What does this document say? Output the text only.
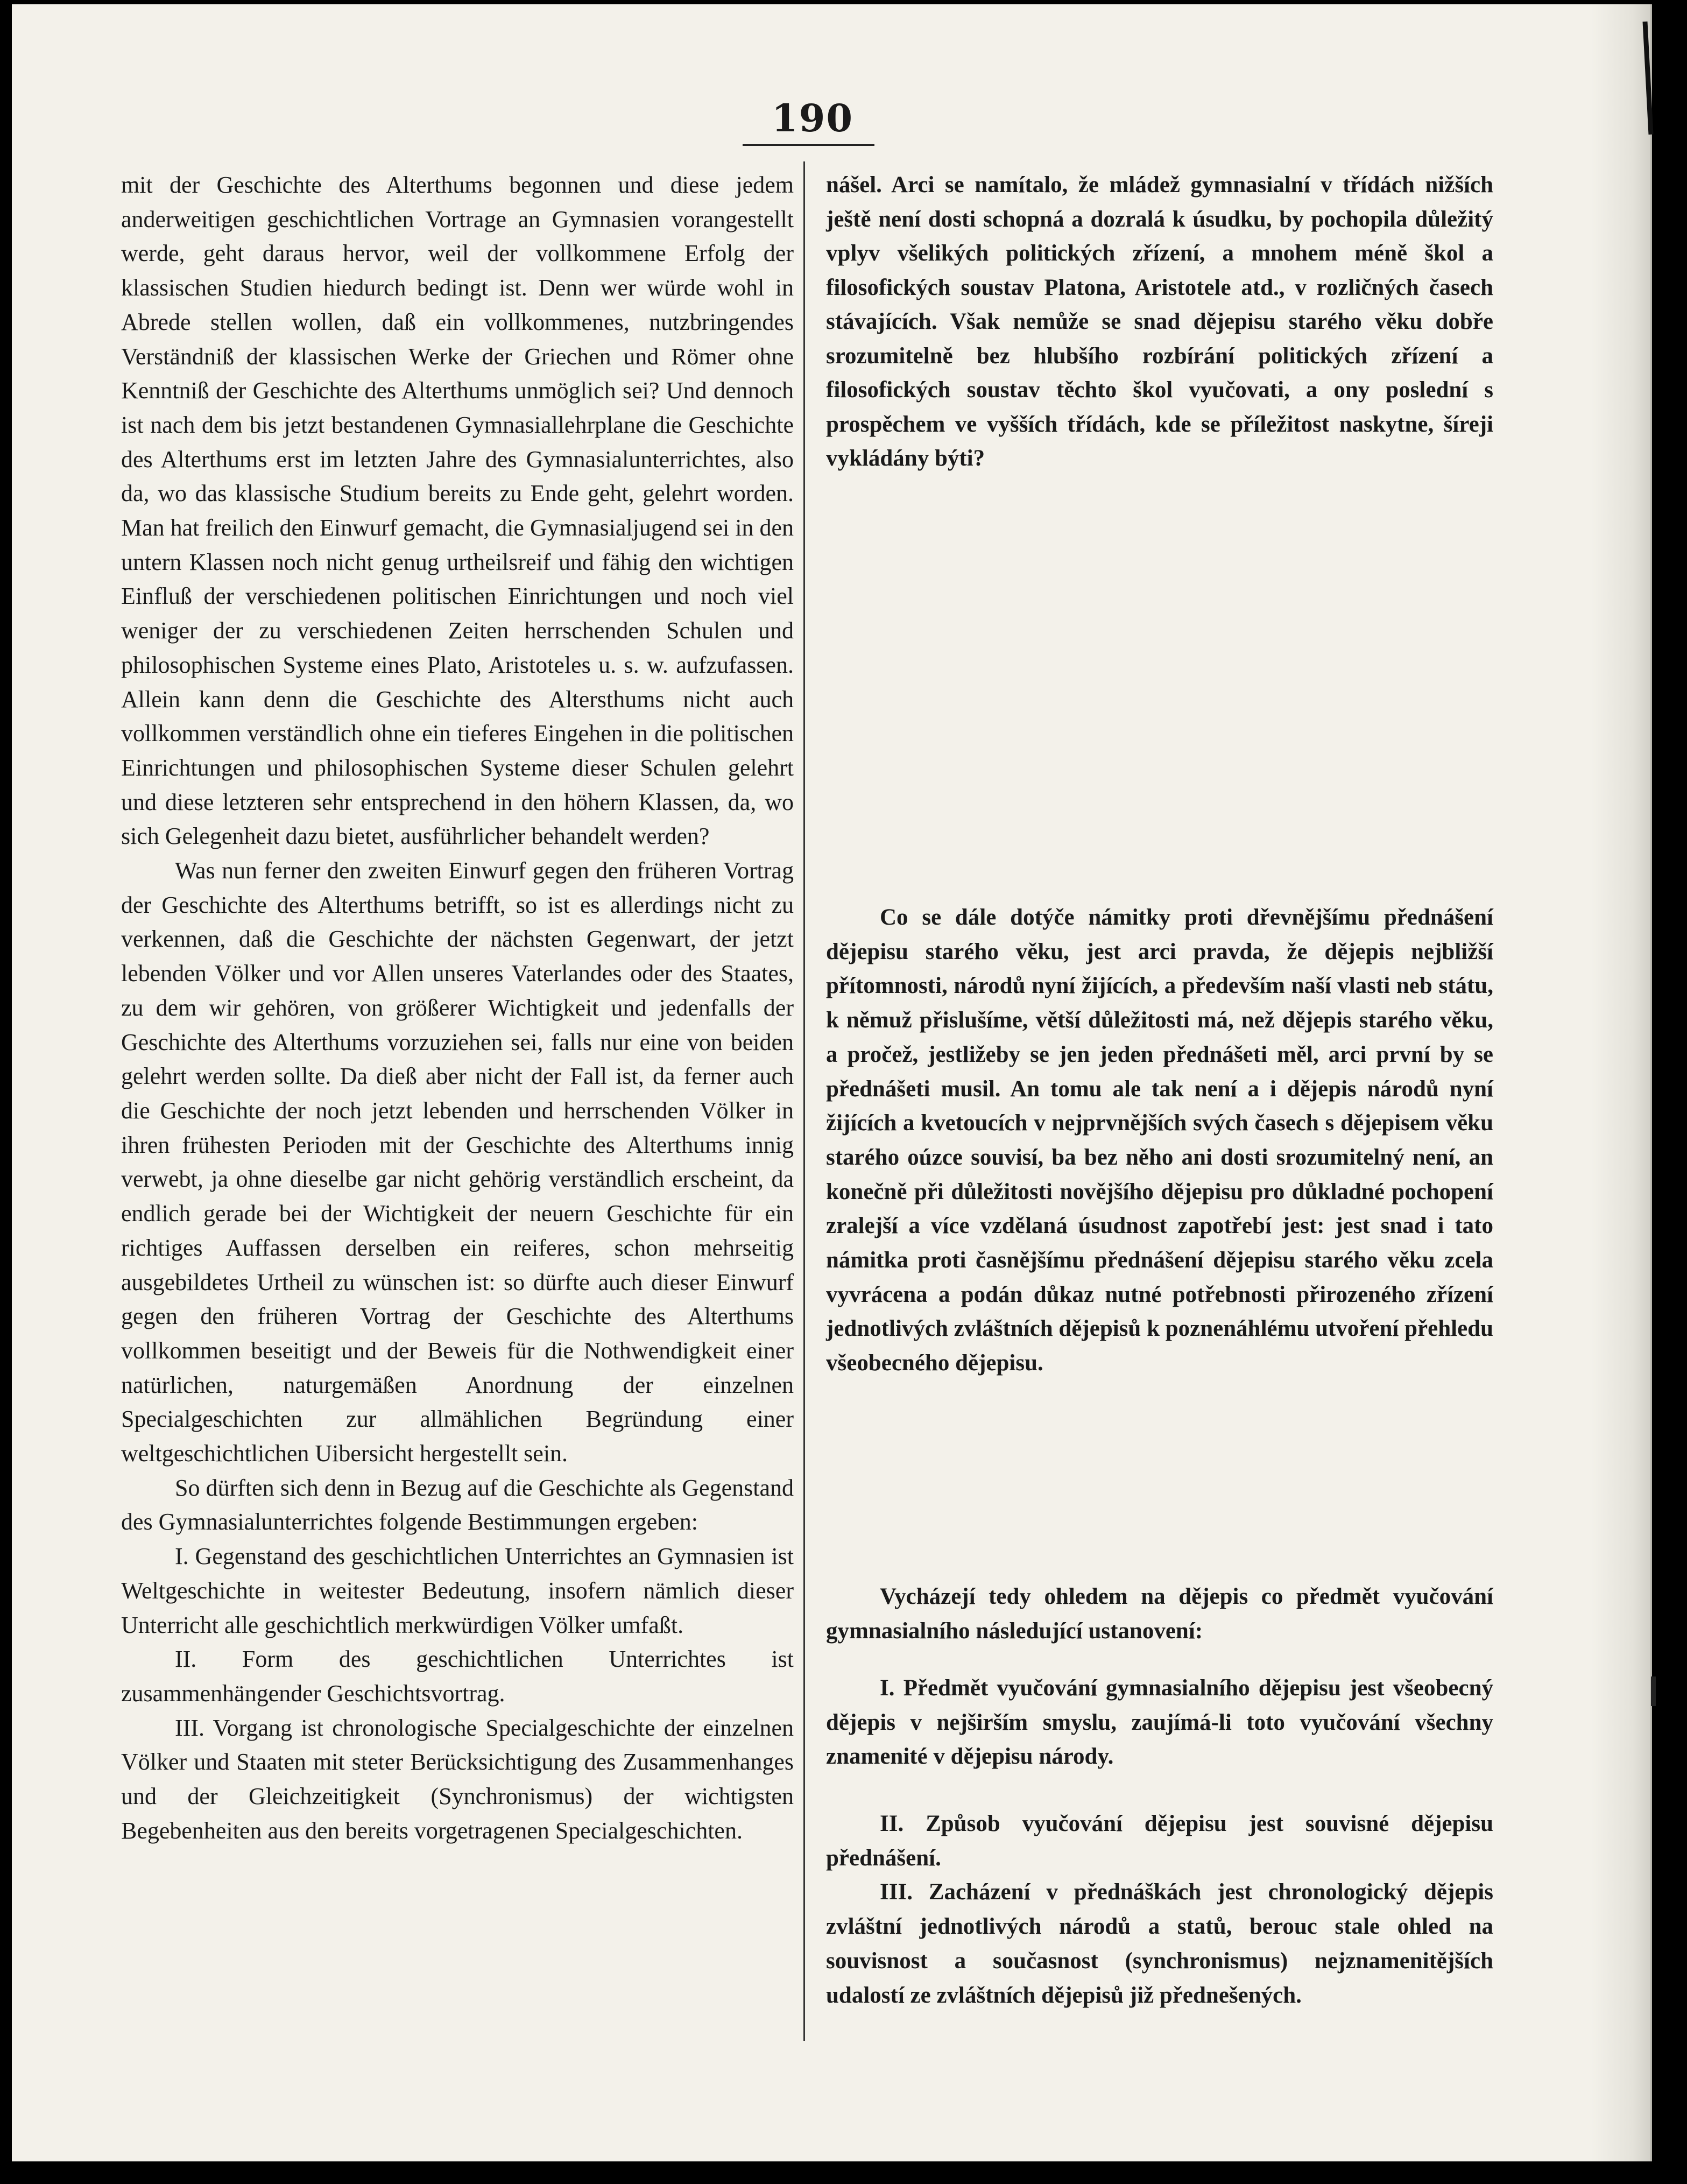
190

mit der Geschichte des Alterthums begonnen und diese jedem anderweitigen geschichtlichen Vortrage an Gymnasien vorangestellt werde, geht daraus hervor, weil der vollkommene Erfolg der klassischen Studien hiedurch bedingt ist. Denn wer würde wohl in Abrede stellen wollen, daß ein vollkommenes, nutzbringendes Verständniß der klassischen Werke der Griechen und Römer ohne Kenntniß der Geschichte des Alterthums unmöglich sei? Und dennoch ist nach dem bis jetzt bestandenen Gymnasiallehrplane die Geschichte des Alterthums erst im letzten Jahre des Gymnasialunterrichtes, also da, wo das klassische Studium bereits zu Ende geht, gelehrt worden. Man hat freilich den Einwurf gemacht, die Gymnasialjugend sei in den untern Klassen noch nicht genug urtheilsreif und fähig den wichtigen Einfluß der verschiedenen politischen Einrichtungen und noch viel weniger der zu verschiedenen Zeiten herrschenden Schulen und philosophischen Systeme eines Plato, Aristoteles u. s. w. aufzufassen. Allein kann denn die Geschichte des Altersthums nicht auch vollkommen verständlich ohne ein tieferes Eingehen in die politischen Einrichtungen und philosophischen Systeme dieser Schulen gelehrt und diese letzteren sehr entsprechend in den höhern Klassen, da, wo sich Gelegenheit dazu bietet, ausführlicher behandelt werden?

Was nun ferner den zweiten Einwurf gegen den früheren Vortrag der Geschichte des Alterthums betrifft, so ist es allerdings nicht zu verkennen, daß die Geschichte der nächsten Gegenwart, der jetzt lebenden Völker und vor Allen unseres Vaterlandes oder des Staates, zu dem wir gehören, von größerer Wichtigkeit und jedenfalls der Geschichte des Alterthums vorzuziehen sei, falls nur eine von beiden gelehrt werden sollte. Da dieß aber nicht der Fall ist, da ferner auch die Geschichte der noch jetzt lebenden und herrschenden Völker in ihren frühesten Perioden mit der Geschichte des Alterthums innig verwebt, ja ohne dieselbe gar nicht gehörig verständlich erscheint, da endlich gerade bei der Wichtigkeit der neuern Geschichte für ein richtiges Auffassen derselben ein reiferes, schon mehrseitig ausgebildetes Urtheil zu wünschen ist: so dürfte auch dieser Einwurf gegen den früheren Vortrag der Geschichte des Alterthums vollkommen beseitigt und der Beweis für die Nothwendigkeit einer natürlichen, naturgemäßen Anordnung der einzelnen Specialgeschichten zur allmählichen Begründung einer weltgeschichtlichen Uibersicht hergestellt sein.

So dürften sich denn in Bezug auf die Geschichte als Gegenstand des Gymnasialunterrichtes folgende Bestimmungen ergeben:

I. Gegenstand des geschichtlichen Unterrichtes an Gymnasien ist Weltgeschichte in weitester Bedeutung, insofern nämlich dieser Unterricht alle geschichtlich merkwürdigen Völker umfaßt.

II. Form des geschichtlichen Unterrichtes ist zusammenhängender Geschichtsvortrag.

III. Vorgang ist chronologische Specialgeschichte der einzelnen Völker und Staaten mit steter Berücksichtigung des Zusammenhanges und der Gleichzeitigkeit (Synchronismus) der wichtigsten Begebenheiten aus den bereits vorgetragenen Specialgeschichten.

nášel. Arci se namítalo, že mládež gymnasialní v třídách nižších ještě není dosti schopná a dozralá k úsudku, by pochopila důležitý vplyv všelikých politických zřízení, a mnohem méně škol a filosofických soustav Platona, Aristotele atd., v rozličných časech stávajících. Však nemůže se snad dějepisu starého věku dobře srozumitelně bez hlubšího rozbírání politických zřízení a filosofických soustav těchto škol vyučovati, a ony poslední s prospěchem ve vyšších třídách, kde se příležitost naskytne, šíreji vykládány býti?
Co se dále dotýče námitky proti dřevnějšímu přednášení dějepisu starého věku, jest arci pravda, že dějepis nejbližší přítomnosti, národů nyní žijících, a především naší vlasti neb státu, k němuž přislušíme, větší důležitosti má, než dějepis starého věku, a pročež, jestližeby se jen jeden přednášeti měl, arci první by se přednášeti musil. An tomu ale tak není a i dějepis národů nyní žijících a kvetoucích v nejprvnějších svých časech s dějepisem věku starého oúzce souvisí, ba bez něho ani dosti srozumitelný není, an konečně při důležitosti novějšího dějepisu pro důkladné pochopení zralejší a více vzdělaná úsudnost zapotřebí jest: jest snad i tato námitka proti časnějšímu přednášení dějepisu starého věku zcela vyvrácena a podán důkaz nutné potřebnosti přirozeného zřízení jednotlivých zvláštních dějepisů k poznenáhlému utvoření přehledu všeobecného dějepisu.
Vycházejí tedy ohledem na dějepis co předmět vyučování gymnasialního následující ustanovení:
I. Předmět vyučování gymnasialního dějepisu jest všeobecný dějepis v nejširším smyslu, zaujímá-li toto vyučování všechny znamenité v dějepisu národy.

II. Způsob vyučování dějepisu jest souvisné dějepisu přednášení.

III. Zacházení v přednáškách jest chronologický dějepis zvláštní jednotlivých národů a statů, berouc stale ohled na souvisnost a současnost (synchronismus) nejznamenitějších udalostí ze zvláštních dějepisů již přednešených.
